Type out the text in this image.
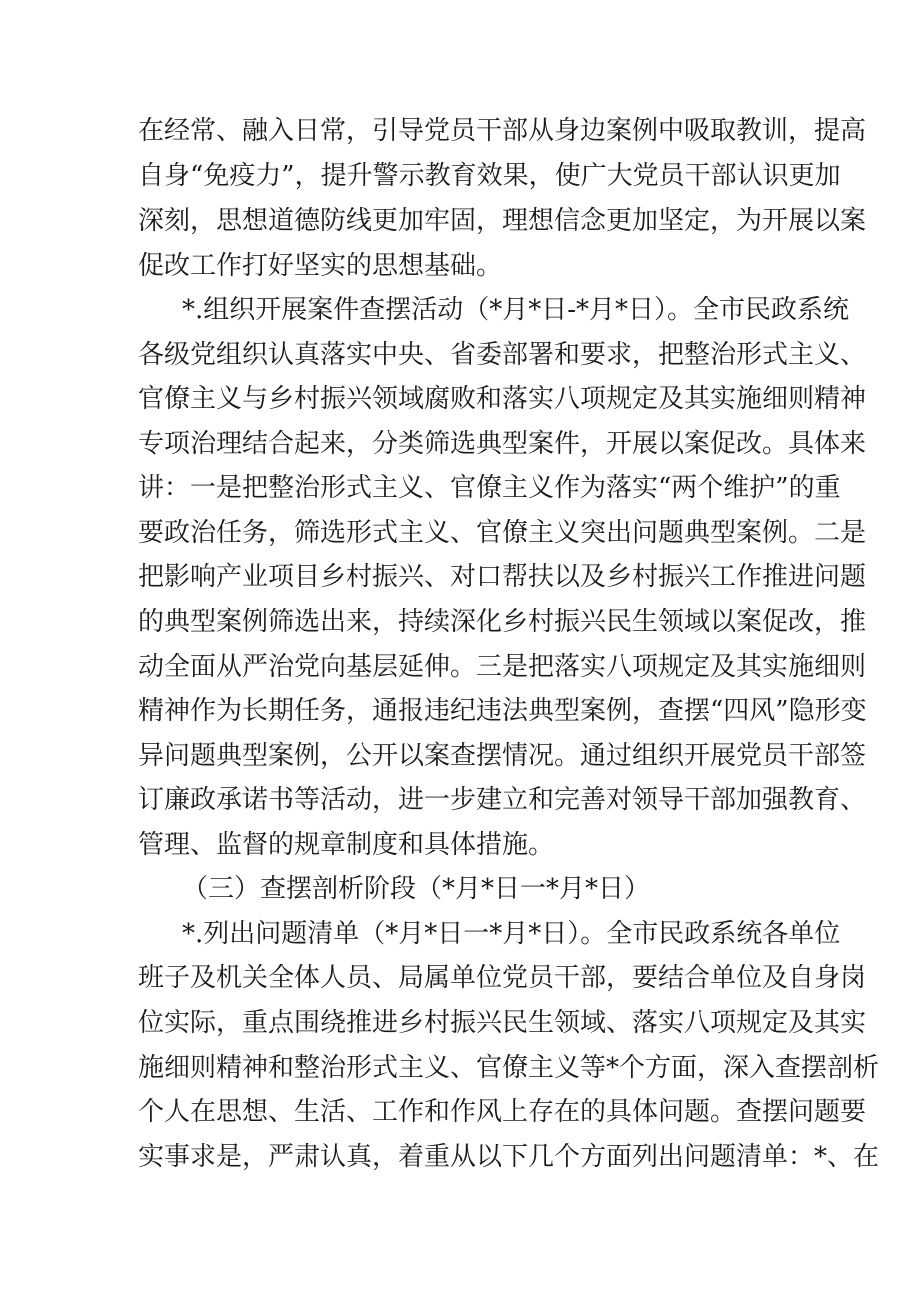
在经常、融入日常，引导党员干部从身边案例中吸取教训，提高
自身“免疫力”，提升警示教育效果，使广大党员干部认识更加
深刻，思想道德防线更加牢固，理想信念更加坚定，为开展以案
促改工作打好坚实的思想基础。
*.组织开展案件查摆活动（*月*日-*月*日）。全市民政系统
各级党组织认真落实中央、省委部署和要求，把整治形式主义、
官僚主义与乡村振兴领域腐败和落实八项规定及其实施细则精神
专项治理结合起来，分类筛选典型案件，开展以案促改。具体来
讲：一是把整治形式主义、官僚主义作为落实“两个维护”的重
要政治任务，筛选形式主义、官僚主义突出问题典型案例。二是
把影响产业项目乡村振兴、对口帮扶以及乡村振兴工作推进问题
的典型案例筛选出来，持续深化乡村振兴民生领域以案促改，推
动全面从严治党向基层延伸。三是把落实八项规定及其实施细则
精神作为长期任务，通报违纪违法典型案例，查摆“四风”隐形变
异问题典型案例，公开以案查摆情况。通过组织开展党员干部签
订廉政承诺书等活动，进一步建立和完善对领导干部加强教育、
管理、监督的规章制度和具体措施。
（三）查摆剖析阶段（*月*日一*月*日）
*.列出问题清单（*月*日一*月*日）。全市民政系统各单位
班子及机关全体人员、局属单位党员干部，要结合单位及自身岗
位实际，重点围绕推进乡村振兴民生领域、落实八项规定及其实
施细则精神和整治形式主义、官僚主义等*个方面，深入查摆剖析
个人在思想、生活、工作和作风上存在的具体问题。查摆问题要
实事求是，严肃认真，着重从以下几个方面列出问题清单：*、在
